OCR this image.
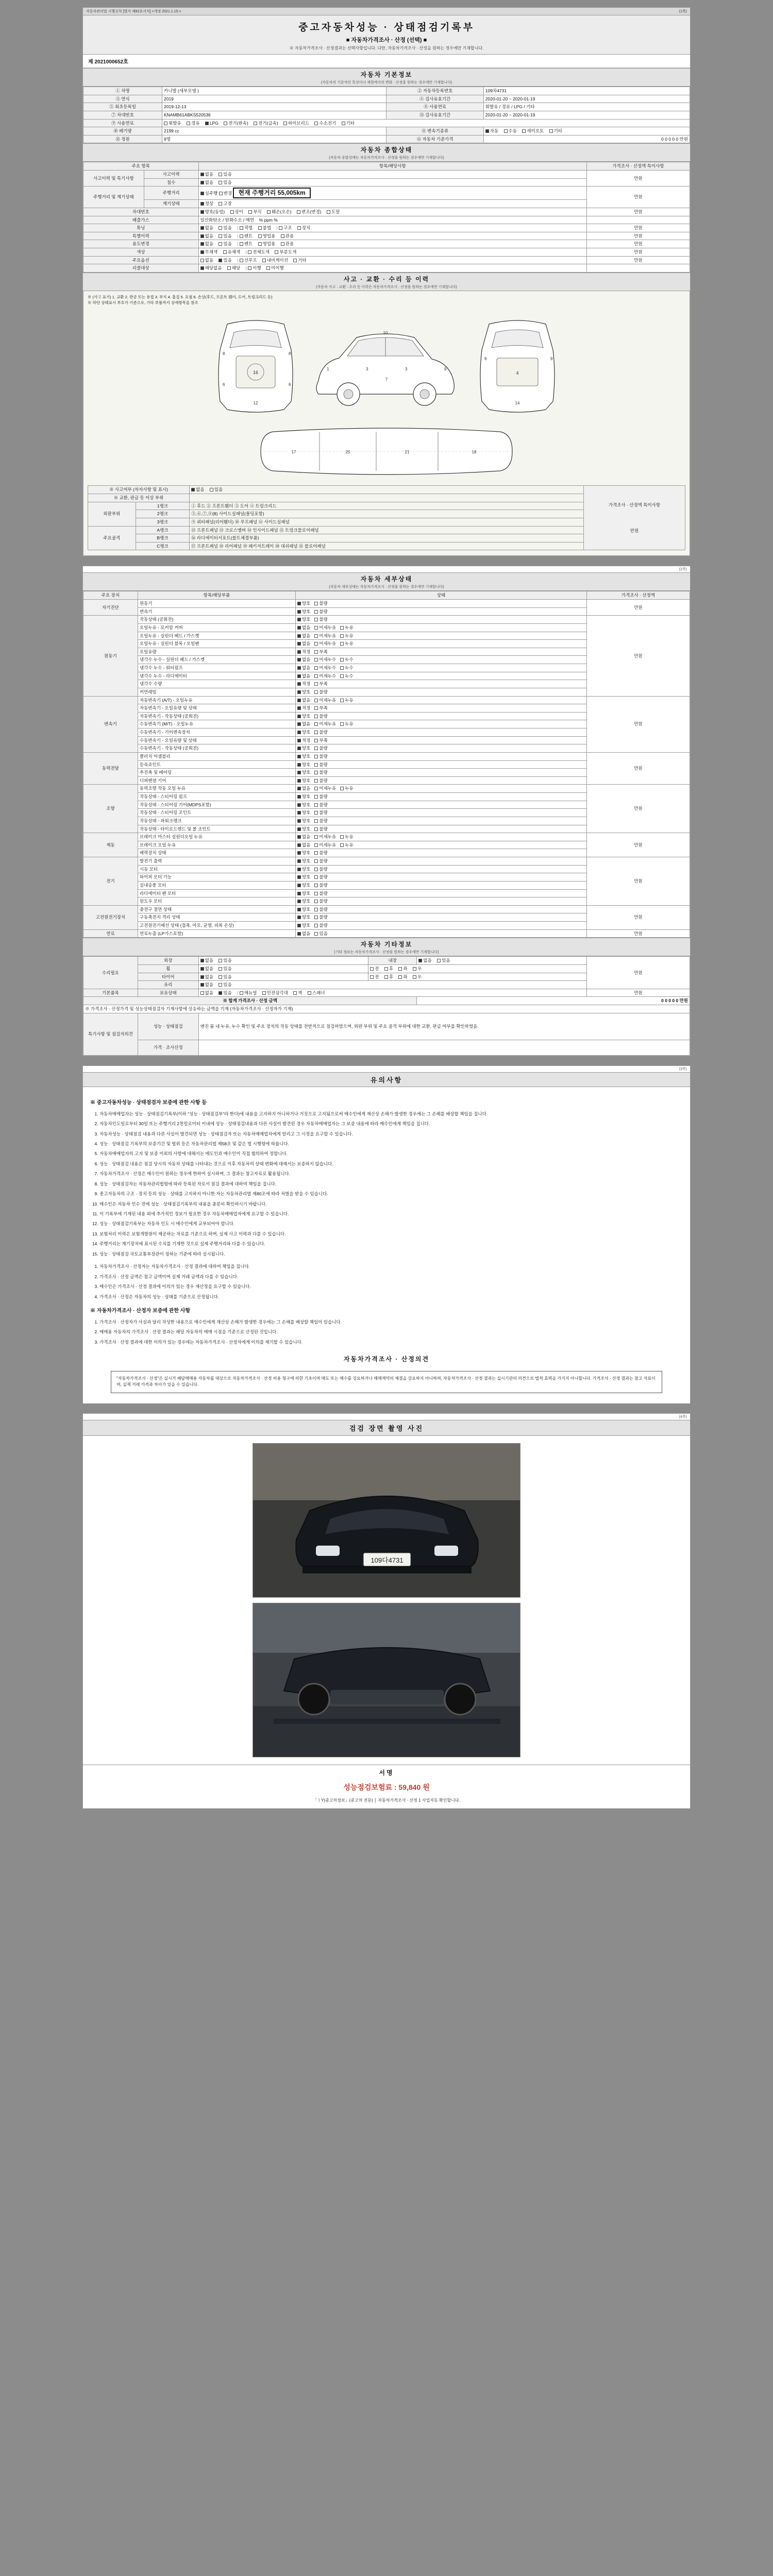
자동차관리법 시행규칙 [별지 제82호서식] <개정 2021.1.15.>	(1쪽)
중고자동차성능 · 상태점검기록부
■ 자동차가격조사 · 산정 (선택) ■
※ 자동차가격조사 · 산정결과는 선택사항입니다. 다만, 자동차가격조사 · 산정을 원하는 경우에만 기재합니다.
제 2021000652호
자동차 기본정보
(자동차의 기본적인 특성이나 제원에서의 변화 · 산정을 원하는 경우에만 기재합니다)
① 차명	카니발 (세부모델 )	② 자동차등록번호	109차4731
③ 연식	2019	④ 검사유효기간	2020-01-20 ~ 2020-01-19
⑤ 최초등록일	2019-12-13	⑧ 사용연료	휘발유 / 경유 / LPG / 기타
⑦ 차대번호	KNAMB61ABKS520536	⑬ 검사유효기간	2020-01-20 ~ 2020-01-19
⑨ 사용연료	휘발유 경유 LPG 전기(완속) 전기(급속) 하이브리드 수소전기 기타		
⑩ 배기량	2199 cc	⑪ 변속기종류	자동 수동 세미오토 기타
⑫ 정원	9명	⑪ 자동차 기준가격	0 0 0 0 0 만원
자동차 종합상태
(자동차 종합상태는 자동차가격조사 · 산정을 원하는 경우에만 기재합니다)
주요 항목		항목/해당사항	가격조사 · 산정액 특이사항
사고이력 및 특기사항	사고이력	없음 있음	만원
	침수	없음 있음	
주행거리 및 계기상태	주행거리	실주행 변경 현재 주행거리 55,005km	만원
	계기상태	정상 고장	
차대번호		양호(동일) 상이 부식 훼손(오손) 변조(변경) 도말	만원
배출가스		일산화탄소 / 탄화수소 / 매연 % ppm %	
튜닝		없음 있음 | 적법 불법 | 구조 장치	만원
특별이력		없음 있음 | 렌트 영업용 관용	만원
용도변경		없음 있음 | 렌트 영업용 관용	만원
색상		무채색 유채색 | 전체도색 부분도색	만원
주요옵션		없음 있음 | 선루프 내비게이션 기타	만원
리콜대상		해당없음 해당 | 이행 미이행	
사고 · 교환 · 수리 등 이력
(자동차 사고 · 교환 · 수리 등 이력은 자동차가격조사 · 산정을 원하는 경우에만 기재합니다)
※ (사고 표기) 1. 교환 2. 판금 또는 용접 3. 부식 4. 흠집 5. 요철 6. 손상(후드, 프론트 휀더, 도어, 트렁크리드 등)
※ 하단 상태표시 부호가 기준으로, 기타 부품까지 상세항목을 참조
16
8	8
6	6
12
1	3	3	9
10
7
4
9	9
14
17	20	21	18
※ 사고여부 (자자사항 및 표시)		없음 있음	가격조사 · 산정액 특이사항
만원

※ 교환, 판금 등 이상 부위			
외판부위	1랭크	① 후드 ② 프론트휀더 ③ 도어 ④ 트렁크리드	
	2랭크	⑤,⑥,⑦,⑧(8) 사이드실패널(몰딩포함)	
	3랭크	⑨ 쿼터패널(리어휀더) ⑩ 루프패널 ⑪ 사이드실패널	
주요골격	A랭크	⑫ 프론트패널 ⑬ 크로스멤버 ⑭ 인사이드패널 ⑮ 트렁크플로어패널	
	B랭크	⑯ 라디에이터서포트(볼트체결부품)	
	C랭크	⑰ 프론트패널 ⑱ 리어패널 ⑲ 패키지트레이 ⑳ 대쉬패널 ㉑ 플로어패널	
(2쪽)
자동차 세부상태
(자동차 세부상태는 자동차가격조사 · 산정을 원하는 경우에만 기재합니다)
주요 장치	항목/해당부품	상태	가격조사 · 산정액
자기진단	원동기	양호 불량	만원
	변속기	양호 불량	
원동기	작동상태 (공회전)	양호 불량	만원
	오일누유 - 로커암 커버	없음 미세누유 누유	
	오일누유 - 실린더 헤드 / 가스켓	없음 미세누유 누유	
	오일누유 - 실린더 블록 / 오일팬	없음 미세누유 누유	
	오일유량	적정 부족	
	냉각수 누수 - 실린더 헤드 / 가스켓	없음 미세누수 누수	
	냉각수 누수 - 워터펌프	없음 미세누수 누수	
	냉각수 누수 - 라디에이터	없음 미세누수 누수	
	냉각수 수량	적정 부족	
	커먼레일	양호 불량	
변속기	자동변속기 (A/T) - 오일누유	없음 미세누유 누유	만원
	자동변속기 - 오일유량 및 상태	적정 부족	
	자동변속기 - 작동상태 (공회전)	양호 불량	
	수동변속기 (M/T) - 오일누유	없음 미세누유 누유	
	수동변속기 - 기어변속장치	양호 불량	
	수동변속기 - 오일유량 및 상태	적정 부족	
	수동변속기 - 작동상태 (공회전)	양호 불량	
동력전달	클러치 어셈블리	양호 불량	만원
	등속죠인트	양호 불량	
	추진축 및 베어링	양호 불량	
	디퍼렌셜 기어	양호 불량	
조향	동력조향 작동 오일 누유	없음 미세누유 누유	만원
	작동상태 - 스티어링 펌프	양호 불량	
	작동상태 - 스티어링 기어(MDPS포함)	양호 불량	
	작동상태 - 스티어링 조인트	양호 불량	
	작동상태 - 파워크랭크	양호 불량	
	작동상태 - 타이로드엔드 및 볼 조인트	양호 불량	
제동	브레이크 마스터 실린더오일 누유	없음 미세누유 누유	만원
	브레이크 오일 누유	없음 미세누유 누유	
	배력장치 상태	양호 불량	
전기	발전기 출력	양호 불량	만원
	시동 모터	양호 불량	
	와이퍼 모터 기능	양호 불량	
	실내송풍 모터	양호 불량	
	라디에이터 팬 모터	양호 불량	
	윈도우 모터	양호 불량	
고전원전기장치	충전구 절연 상태	양호 불량	만원
	구동축전지 격리 상태	양호 불량	
	고전원전기배선 상태 (접촉, 마모, 균열, 피복 손상)	양호 불량	
연료	연료누출 (LP가스포함)	없음 있음	만원
자동차 기타정보
(기타 정보는 자동차가격조사 · 산정을 원하는 경우에만 기재합니다)
수리필요	외장	없음 있음	내장	없음 있음	만원
	휠	없음 있음	전 후 좌 우		
	타이어	없음 있음	전 후 좌 우		
	유리	없음 있음			
기본품목	보유상태	없음 있음 | 매뉴얼 안전삼각대 잭 스패너			만원
※ 합계 가격조사 · 산정 금액				0 0 0 0 0 만원	
※ 가격조사 · 산정가격 및 성능상태점검자 기재사항에 상응하는 금액을 기재 (자동차가격조사 · 산정자가 기재)					
특기사항 및 점검자의견	성능 · 상태점검	엔진 룸 내 누유, 누수 확인 및 주요 장치의 작동 상태를 전반적으로 점검하였으며, 외판 부위 및 주요 골격 부위에 대한 교환, 판금 여부를 확인하였음.			
	가격 · 조사산정				
(3쪽)
유의사항
※ 중고자동차성능 · 상태점검자 보증에 관한 사항 등
1. 자동차매매업자는 성능 · 상태점검기록부(이하 "성능 · 상태점검부"라 한다)에 내용을 고지하지 아니하거나 거짓으로 고지됨으로써 매수인에게 재산상 손해가 발생한 경우에는 그 손해를 배상할 책임을 집니다.
2. 자동차인도일로부터 30일 또는 주행거리 2천킬로미터 이내에 성능 · 상태점검내용과 다른 사실이 발견된 경우 자동차매매업자는 그 보증 내용에 따라 매수인에게 책임을 집니다.
3. 자동차성능 · 상태점검 내용과 다른 사실이 발견되면 성능 · 상태점검자 또는 자동차매매업자에게 알리고 그 시정을 요구할 수 있습니다.
4. 성능 · 상태점검 기록부의 보증기간 및 범위 등은 자동차관리법 제58조 및 같은 법 시행령에 따릅니다.
5. 자동차매매업자의 고지 및 보증 이외의 사항에 대해서는 매도인과 매수인이 직접 협의하여 정합니다.
6. 성능 · 상태점검 내용은 점검 당시의 자동차 상태를 나타내는 것으로 이후 자동차의 상태 변화에 대해서는 보증하지 않습니다.
7. 자동차가격조사 · 산정은 매수인이 원하는 경우에 한하여 실시하며, 그 결과는 참고자료로 활용됩니다.
8. 성능 · 상태점검자는 자동차관리법령에 따라 등록된 자로서 점검 결과에 대하여 책임을 집니다.
9. 중고자동차의 구조 · 장치 등의 성능 · 상태를 고지하지 아니한 자는 자동차관리법 제80조에 따라 처벌을 받을 수 있습니다.
10. 매수인은 자동차 인수 전에 성능 · 상태점검기록부의 내용을 충분히 확인하시기 바랍니다.
11. 이 기록부에 기재된 내용 외에 추가적인 정보가 필요한 경우 자동차매매업자에게 요구할 수 있습니다.
12. 성능 · 상태점검기록부는 자동차 인도 시 매수인에게 교부되어야 합니다.
13. 보험처리 이력은 보험개발원이 제공하는 자료를 기준으로 하며, 실제 사고 이력과 다를 수 있습니다.
14. 주행거리는 계기장치에 표시된 수치를 기재한 것으로 실제 주행거리와 다를 수 있습니다.
15. 성능 · 상태점검 국토교통부장관이 정하는 기준에 따라 실시됩니다.
1. 자동차가격조사 · 산정자는 자동차가격조사 · 산정 결과에 대하여 책임을 집니다.
2. 가격조사 · 산정 금액은 참고 금액이며 실제 거래 금액과 다를 수 있습니다.
3. 매수인은 가격조사 · 산정 결과에 이의가 있는 경우 재산정을 요구할 수 있습니다.
4. 가격조사 · 산정은 자동차의 성능 · 상태를 기준으로 산정됩니다.
※ 자동차가격조사 · 산정자 보증에 관한 사항
1. 가격조사 · 산정자가 사실과 달리 작성한 내용으로 매수인에게 재산상 손해가 발생한 경우에는 그 손해를 배상할 책임이 있습니다.
2. 매매용 자동차의 가격조사 · 산정 결과는 해당 자동차의 매매 시점을 기준으로 산정된 것입니다.
3. 가격조사 · 산정 결과에 대한 이의가 있는 경우에는 자동차가격조사 · 산정자에게 이의를 제기할 수 있습니다.
자동차가격조사 · 산정의견
"자동차가격조사 · 산정"은 실시가 해당매매용 자동차를 대상으로 자동차가격조사 · 산정 비용 청구에 의한 기초이며 매도 또는 매수를 강요하거나 매매계약의 체결을 강요하지 아니하며, 자동차가격조사 · 산정 결과는 실시기관의 의견으로 법적 효력을 가지지 아니합니다. 가격조사 · 산정 결과는 참고 자료이며, 실제 거래 가격과 차이가 있을 수 있습니다.
(4쪽)
검검 장면 촬영 사진
109다4731
서명
성능점검보험료 : 59,840 원
「ㅣY)중고차정보」(중고차 전문) │ 자동차가격조사 · 산정 1 사업자등 확인합니다.
